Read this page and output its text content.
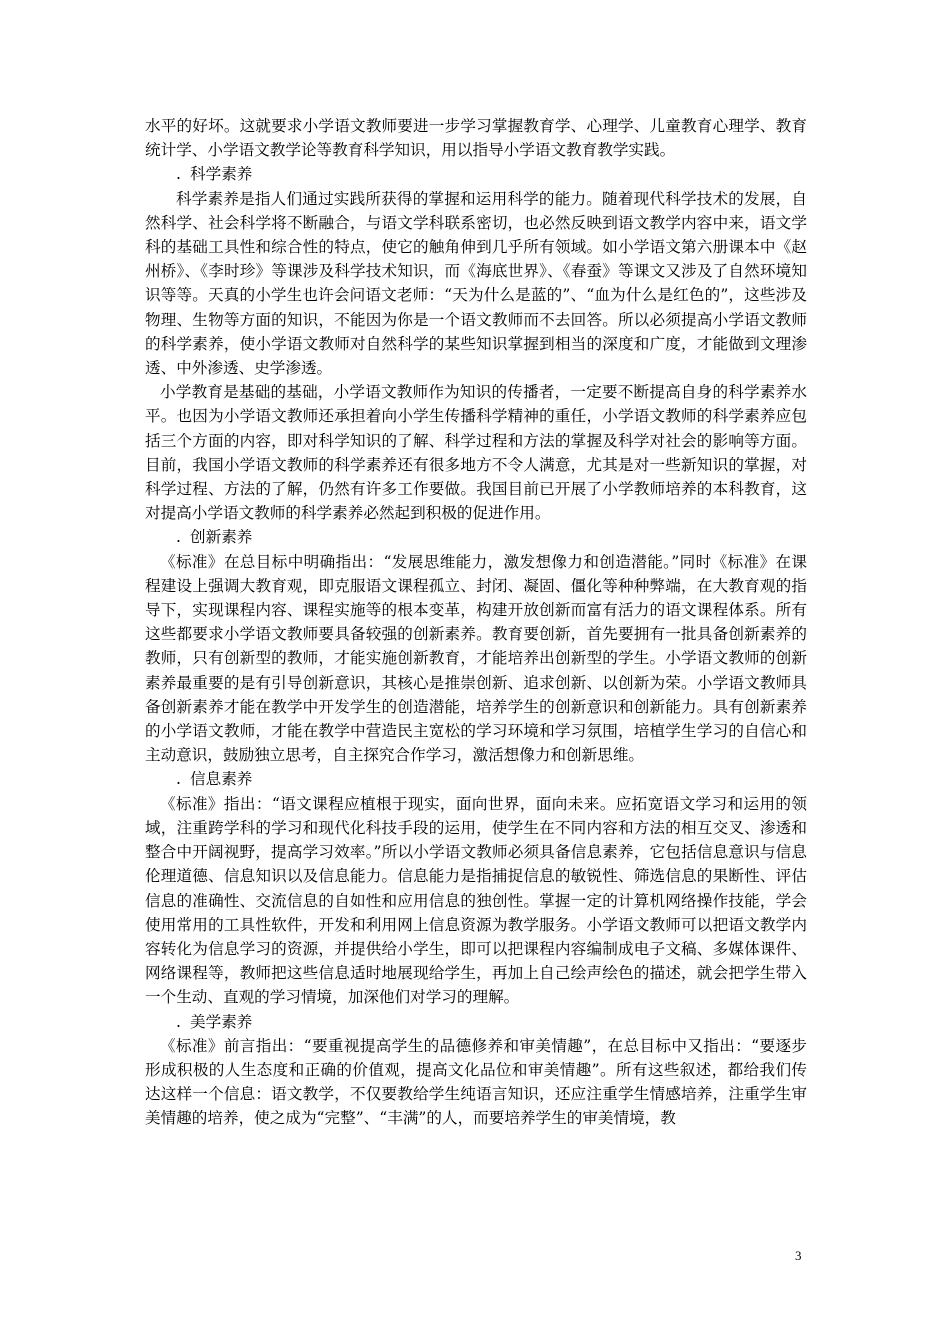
水平的好坏。这就要求小学语文教师要进一步学习掌握教育学、心理学、儿童教育心理学、教育统计学、小学语文教学论等教育科学知识，用以指导小学语文教育教学实践。

. 科学素养

科学素养是指人们通过实践所获得的掌握和运用科学的能力。随着现代科学技术的发展，自然科学、社会科学将不断融合，与语文学科联系密切，也必然反映到语文教学内容中来，语文学科的基础工具性和综合性的特点，使它的触角伸到几乎所有领域。如小学语文第六册课本中《赵州桥》、《李时珍》等课涉及科学技术知识，而《海底世界》、《春蚕》等课文又涉及了自然环境知识等等。天真的小学生也许会问语文老师：“天为什么是蓝的”、“血为什么是红色的”，这些涉及物理、生物等方面的知识，不能因为你是一个语文教师而不去回答。所以必须提高小学语文教师的科学素养，使小学语文教师对自然科学的某些知识掌握到相当的深度和广度，才能做到文理渗透、中外渗透、史学渗透。

小学教育是基础的基础，小学语文教师作为知识的传播者，一定要不断提高自身的科学素养水平。也因为小学语文教师还承担着向小学生传播科学精神的重任，小学语文教师的科学素养应包括三个方面的内容，即对科学知识的了解、科学过程和方法的掌握及科学对社会的影响等方面。目前，我国小学语文教师的科学素养还有很多地方不令人满意，尤其是对一些新知识的掌握，对科学过程、方法的了解，仍然有许多工作要做。我国目前已开展了小学教师培养的本科教育，这对提高小学语文教师的科学素养必然起到积极的促进作用。

. 创新素养

《标准》在总目标中明确指出：“发展思维能力，激发想像力和创造潜能。”同时《标准》在课程建设上强调大教育观，即克服语文课程孤立、封闭、凝固、僵化等种种弊端，在大教育观的指导下，实现课程内容、课程实施等的根本变革，构建开放创新而富有活力的语文课程体系。所有这些都要求小学语文教师要具备较强的创新素养。教育要创新，首先要拥有一批具备创新素养的教师，只有创新型的教师，才能实施创新教育，才能培养出创新型的学生。小学语文教师的创新素养最重要的是有引导创新意识，其核心是推崇创新、追求创新、以创新为荣。小学语文教师具备创新素养才能在教学中开发学生的创造潜能，培养学生的创新意识和创新能力。具有创新素养的小学语文教师，才能在教学中营造民主宽松的学习环境和学习氛围，培植学生学习的自信心和主动意识，鼓励独立思考，自主探究合作学习，激活想像力和创新思维。

. 信息素养

《标准》指出：“语文课程应植根于现实，面向世界，面向未来。应拓宽语文学习和运用的领域，注重跨学科的学习和现代化科技手段的运用，使学生在不同内容和方法的相互交叉、渗透和整合中开阔视野，提高学习效率。”所以小学语文教师必须具备信息素养，它包括信息意识与信息伦理道德、信息知识以及信息能力。信息能力是指捕捉信息的敏锐性、筛选信息的果断性、评估信息的准确性、交流信息的自如性和应用信息的独创性。掌握一定的计算机网络操作技能，学会使用常用的工具性软件，开发和利用网上信息资源为教学服务。小学语文教师可以把语文教学内容转化为信息学习的资源，并提供给小学生，即可以把课程内容编制成电子文稿、多媒体课件、网络课程等，教师把这些信息适时地展现给学生，再加上自己绘声绘色的描述，就会把学生带入一个生动、直观的学习情境，加深他们对学习的理解。

. 美学素养

《标准》前言指出：“要重视提高学生的品德修养和审美情趣”，在总目标中又指出：“要逐步形成积极的人生态度和正确的价值观，提高文化品位和审美情趣”。所有这些叙述，都给我们传达这样一个信息：语文教学，不仅要教给学生纯语言知识，还应注重学生情感培养，注重学生审美情趣的培养，使之成为“完整”、“丰满”的人，而要培养学生的审美情境，教

3
